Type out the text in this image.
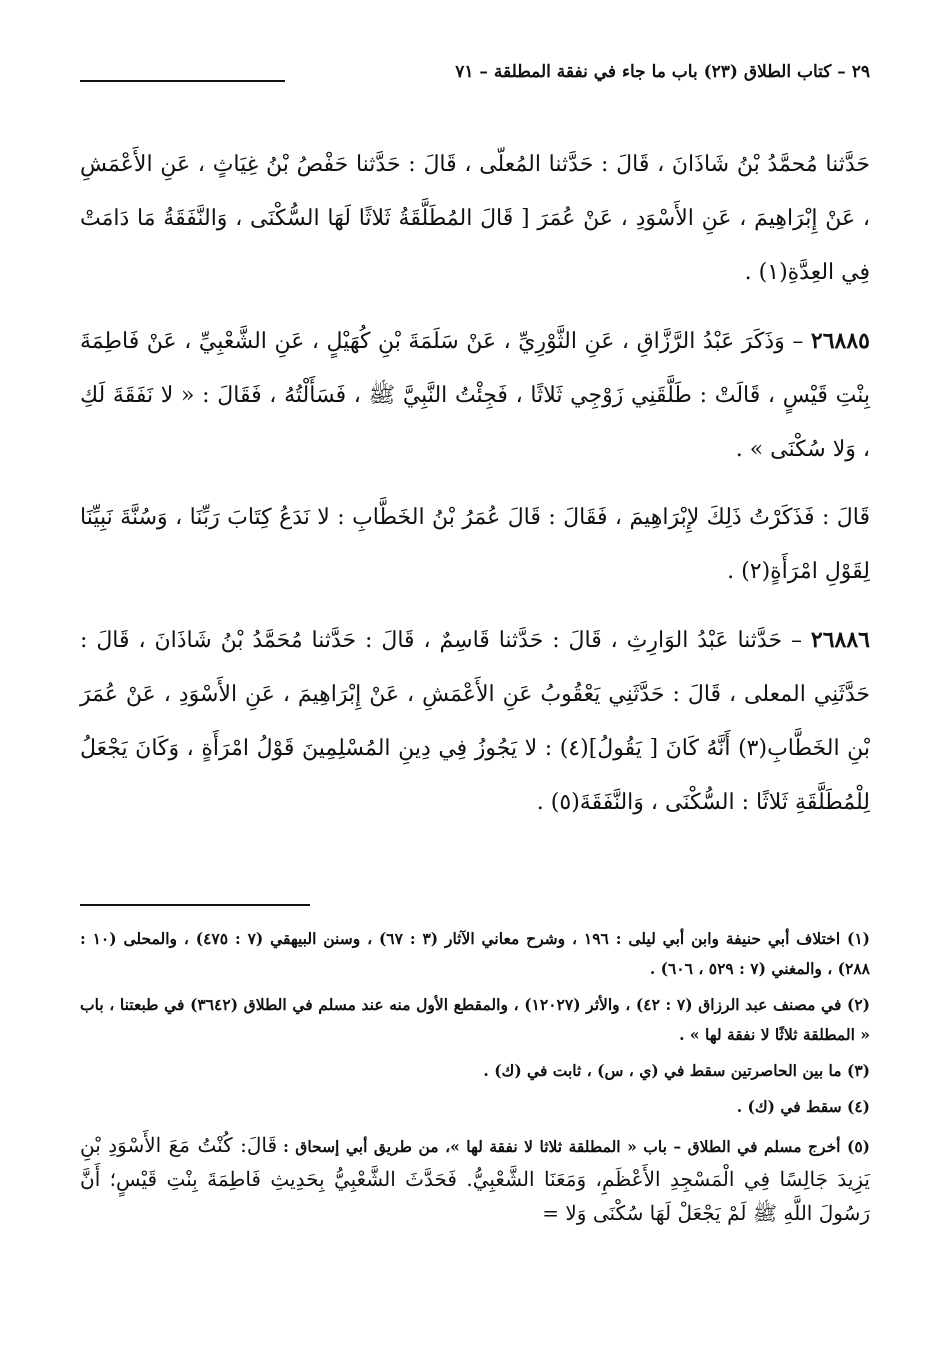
٢٩ – كتاب الطلاق (٢٣) باب ما جاء في نفقة المطلقة – ٧١

حَدَّثنا مُحمَّدُ بْنُ شَاذَانَ ، قَالَ : حَدَّثنا المُعلّى ، قَالَ : حَدَّثنا حَفْصُ بْنُ غِيَاثٍ ، عَنِ الأَعْمَشِ ، عَنْ إِبْرَاهِيمَ ، عَنِ الأَسْوَدِ ، عَنْ عُمَرَ [ قَالَ المُطَلَّقَةُ ثَلاثًا لَهَا السُّكْنَى ، وَالنَّفَقَةُ مَا دَامَتْ فِي العِدَّةِ(١) .

٢٦٨٨٥ – وَذَكَرَ عَبْدُ الرَّزَّاقِ ، عَنِ الثَّوْرِيِّ ، عَنْ سَلَمَةَ بْنِ كُهَيْلٍ ، عَنِ الشَّعْبِيِّ ، عَنْ فَاطِمَةَ بِنْتِ قَيْسٍ ، قَالَتْ : طَلَّقَنِي زَوْجِي ثَلاثًا ، فَجِئْتُ النَّبِيَّ ﷺ ، فَسَأَلْتُهُ ، فَقَالَ : « لا نَفَقَةَ لَكِ ، وَلا سُكْنَى » .

قَالَ : فَذَكَرْتُ ذَلِكَ لإِبْرَاهِيمَ ، فَقَالَ : قَالَ عُمَرُ بْنُ الخَطَّابِ : لا نَدَعُ كِتَابَ رَبِّنَا ، وَسُنَّةَ نَبِيِّنَا لِقَوْلِ امْرَأَةٍ(٢) .

٢٦٨٨٦ – حَدَّثنا عَبْدُ الوَارِثِ ، قَالَ : حَدَّثنا قَاسِمٌ ، قَالَ : حَدَّثنا مُحَمَّدُ بْنُ شَاذَانَ ، قَالَ : حَدَّثَنِي المعلى ، قَالَ : حَدَّثَنِي يَعْقُوبُ عَنِ الأَعْمَشِ ، عَنْ إِبْرَاهِيمَ ، عَنِ الأَسْوَدِ ، عَنْ عُمَرَ بْنِ الخَطَّابِ(٣) أَنَّهُ كَانَ [ يَقُولُ](٤) : لا يَجُوزُ فِي دِينِ المُسْلِمِينَ قَوْلُ امْرَأَةٍ ، وَكَانَ يَجْعَلُ لِلْمُطَلَّقَةِ ثَلاثًا : السُّكْنَى ، وَالنَّفَقَةَ(٥) .

(١) اختلاف أبي حنيفة وابن أبي ليلى : ١٩٦ ، وشرح معاني الآثار (٣ : ٦٧) ، وسنن البيهقي (٧ : ٤٧٥) ، والمحلى (١٠ : ٢٨٨) ، والمغني (٧ : ٥٢٩ ، ٦٠٦) .

(٢) في مصنف عبد الرزاق (٧ : ٤٢) ، والأثر (١٢٠٢٧) ، والمقطع الأول منه عند مسلم في الطلاق (٣٦٤٢) في طبعتنا ، باب « المطلقة ثلاثًا لا نفقة لها » .

(٣) ما بين الحاصرتين سقط في (ي ، س) ، ثابت في (ك) .

(٤) سقط في (ك) .

(٥) أخرج مسلم في الطلاق – باب « المطلقة ثلاثا لا نفقة لها »، من طريق أبي إسحاق : قَالَ: كُنْتُ مَعَ الأَسْوَدِ بْنِ يَزِيدَ جَالِسًا فِي الْمَسْجِدِ الأَعْظَمِ، وَمَعَنَا الشَّعْبِيُّ. فَحَدَّثَ الشَّعْبِيُّ بِحَدِيثِ فَاطِمَةَ بِنْتِ قَيْسٍ؛ أَنَّ رَسُولَ اللَّهِ ﷺ لَمْ يَجْعَلْ لَهَا سُكْنَى وَلا =
